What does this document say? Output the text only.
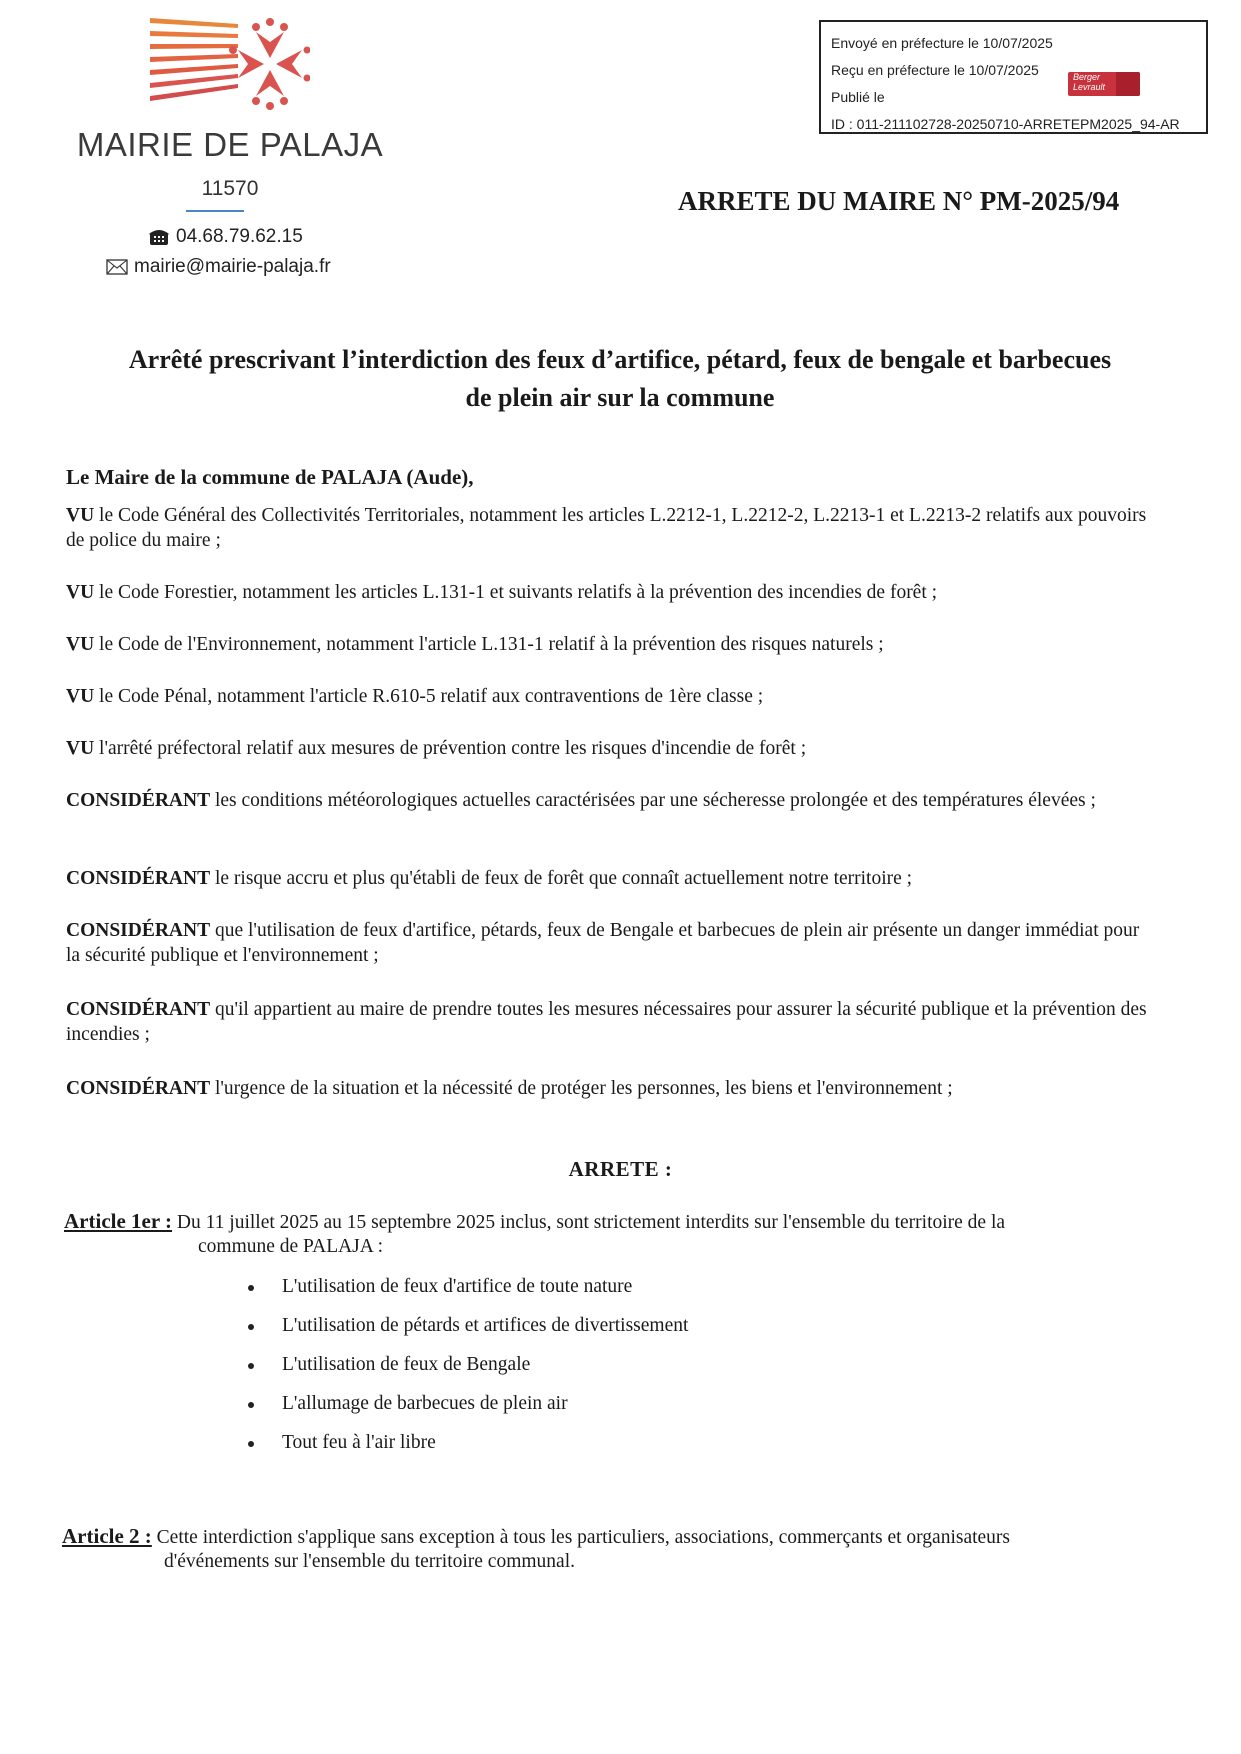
MAIRIE DE PALAJA
11570
04.68.79.62.15
mairie@mairie-palaja.fr
Envoyé en préfecture le 10/07/2025
Reçu en préfecture le 10/07/2025
Publié le
ID : 011-211102728-20250710-ARRETEPM2025_94-AR
Berger
Levrault
ARRETE DU MAIRE N° PM-2025/94
Arrêté prescrivant l’interdiction des feux d’artifice, pétard, feux de bengale et barbecues
de plein air sur la commune
Le Maire de la commune de PALAJA (Aude),
VU le Code Général des Collectivités Territoriales, notamment les articles L.2212-1, L.2212-2, L.2213-1 et L.2213-2 relatifs aux pouvoirs de police du maire ;
VU le Code Forestier, notamment les articles L.131-1 et suivants relatifs à la prévention des incendies de forêt ;
VU le Code de l'Environnement, notamment l'article L.131-1 relatif à la prévention des risques naturels ;
VU le Code Pénal, notamment l'article R.610-5 relatif aux contraventions de 1ère classe ;
VU l'arrêté préfectoral relatif aux mesures de prévention contre les risques d'incendie de forêt ;
CONSIDÉRANT les conditions météorologiques actuelles caractérisées par une sécheresse prolongée et des températures élevées ;
CONSIDÉRANT le risque accru et plus qu'établi de feux de forêt que connaît actuellement notre territoire ;
CONSIDÉRANT que l'utilisation de feux d'artifice, pétards, feux de Bengale et barbecues de plein air présente un danger immédiat pour la sécurité publique et l'environnement ;
CONSIDÉRANT qu'il appartient au maire de prendre toutes les mesures nécessaires pour assurer la sécurité publique et la prévention des incendies ;
CONSIDÉRANT l'urgence de la situation et la nécessité de protéger les personnes, les biens et l'environnement ;
ARRETE :
Article 1er : Du 11 juillet 2025 au 15 septembre 2025 inclus, sont strictement interdits sur l'ensemble du territoire de la
commune de PALAJA :
L'utilisation de feux d'artifice de toute nature
L'utilisation de pétards et artifices de divertissement
L'utilisation de feux de Bengale
L'allumage de barbecues de plein air
Tout feu à l'air libre
Article 2 : Cette interdiction s'applique sans exception à tous les particuliers, associations, commerçants et organisateurs
d'événements sur l'ensemble du territoire communal.
